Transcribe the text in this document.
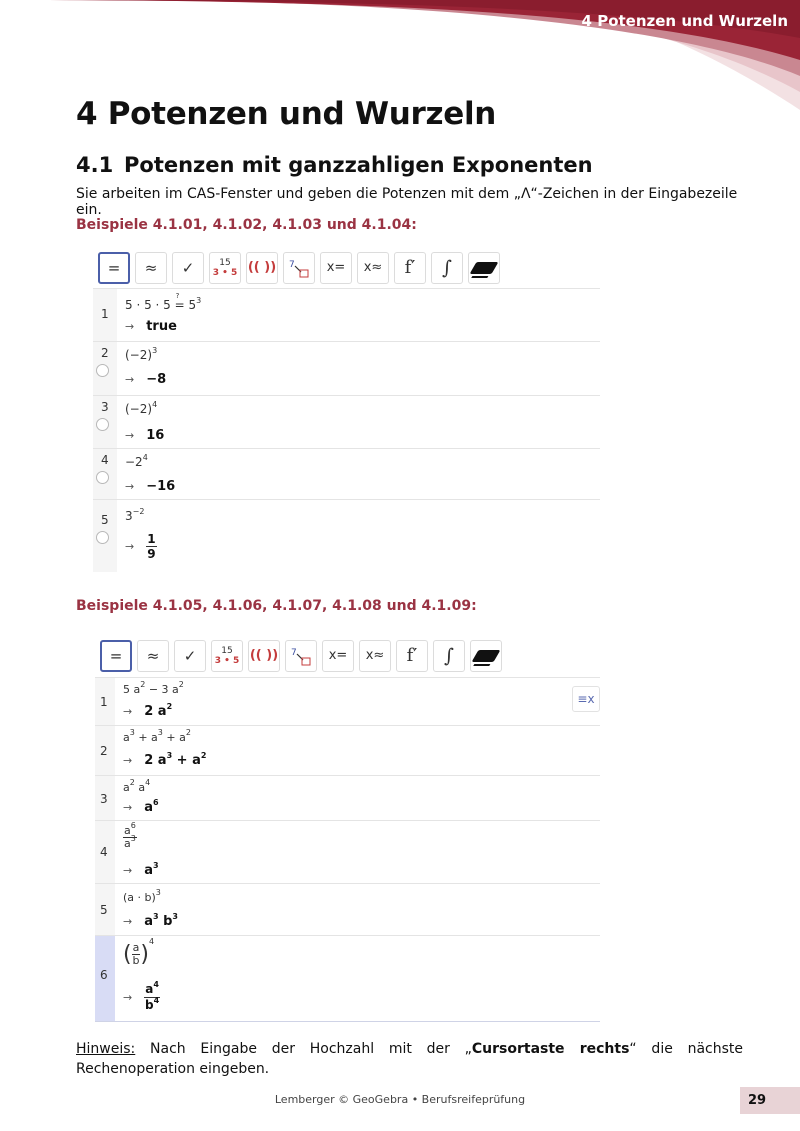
4 Potenzen und Wurzeln
4 Potenzen und Wurzeln
4.1 Potenzen mit ganzzahligen Exponenten
Sie arbeiten im CAS-Fenster und geben die Potenzen mit dem „Λ“-Zeichen in der Eingabezeile ein.
Beispiele 4.1.01, 4.1.02, 4.1.03 und 4.1.04:
= ≈ ✓	15
3 • 5 (( )) 7 x= x≈ f′ ∫
1
5 · 5 · 5
?
= $5^3$
→ true
2 $(-2)^3$
→ −8
3 $(-2)^4$
→ 16
$4 -2^4$
→ −16
5 $3^{-2}$
→ $\frac{1}{9}$
Beispiele 4.1.05, 4.1.06, 4.1.07, 4.1.08 und 4.1.09:
= ≈ ✓	15
3 • 5 (( )) 7 x= x≈ f′ ∫
1
5 $a^2 - 3$ $a^2$
→ 2 $a^2$
≡x
2
$a^3 + a^3 + a^2$
→ 2 $a^3 + a^2$
3
$a^2$ $a^4$
→ $a^6$
4
$\frac{a^6}{a^3}$
→ $a^3$
5
$(a \cdot b)^3$
→ $a^3$ $b^3$
6
( $\frac{a}{b} )^4$
→ $\frac{a^4}{b^4}$
Hinweis: Nach Eingabe der Hochzahl mit der „Cursortaste rechts“ die nächste Rechenoperation eingeben.
Lemberger © GeoGebra • Berufsreifeprüfung	29
